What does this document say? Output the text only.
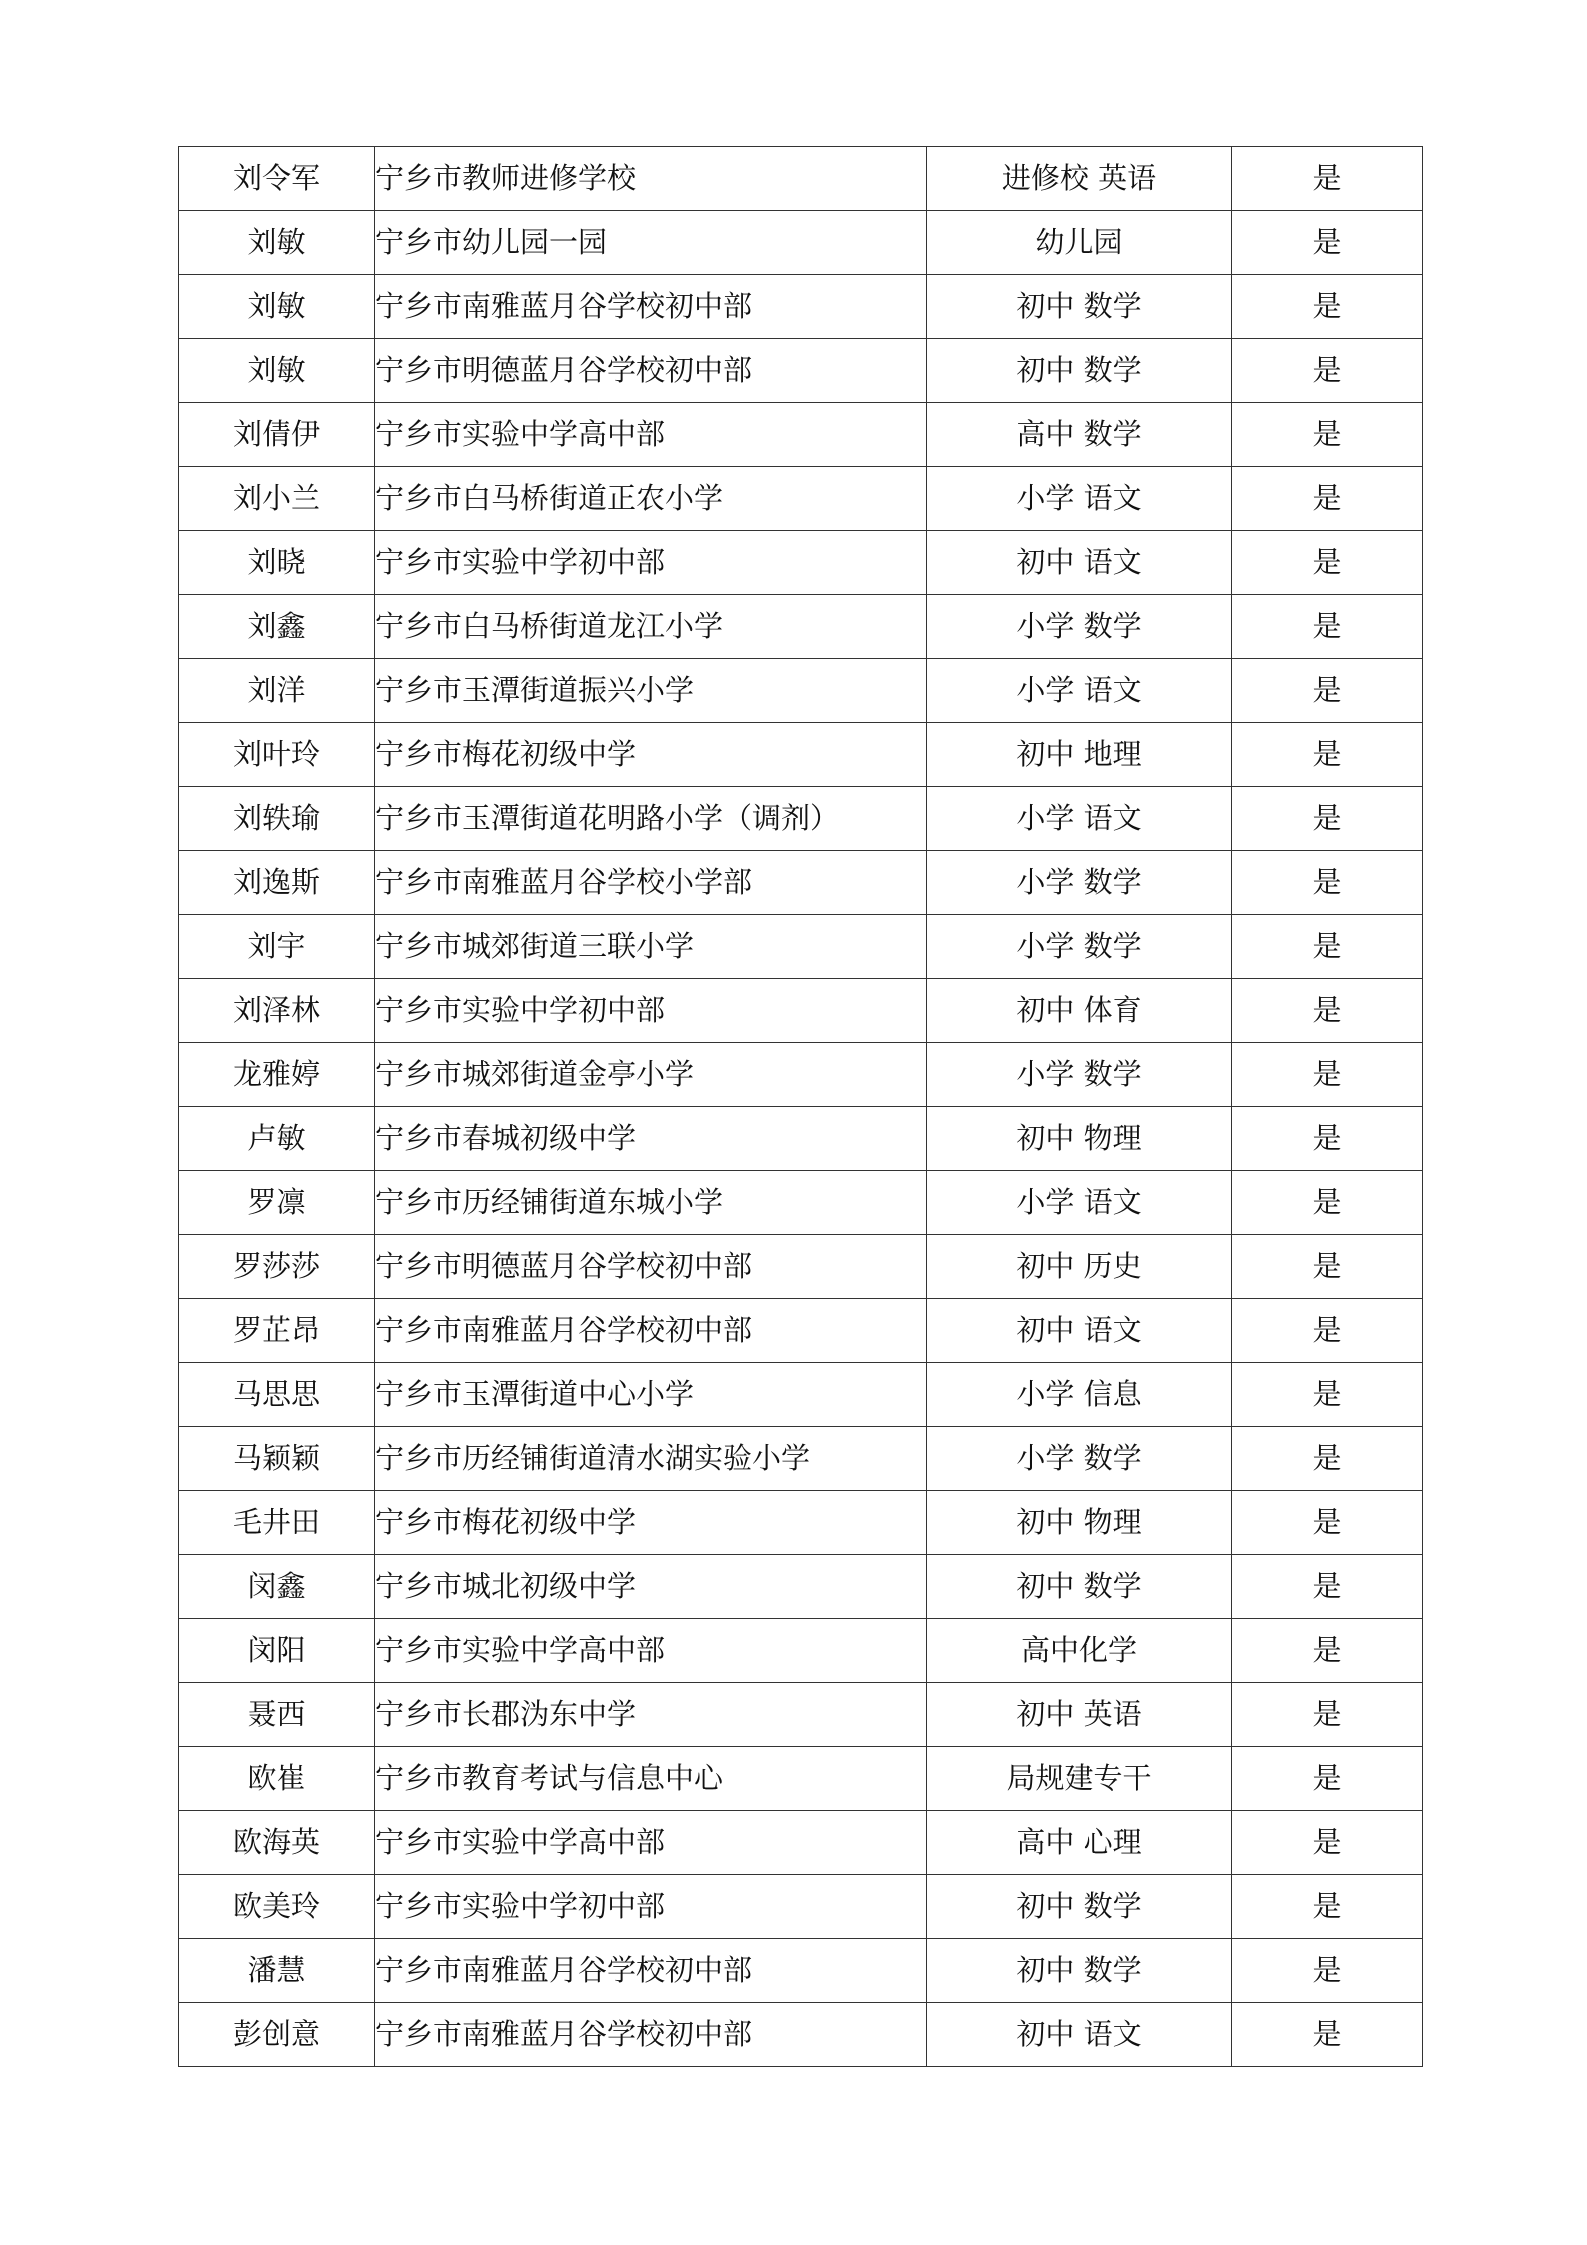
刘令军	宁乡市教师进修学校	进修校 英语	是
刘敏	宁乡市幼儿园一园	幼儿园	是
刘敏	宁乡市南雅蓝月谷学校初中部	初中 数学	是
刘敏	宁乡市明德蓝月谷学校初中部	初中 数学	是
刘倩伊	宁乡市实验中学高中部	高中 数学	是
刘小兰	宁乡市白马桥街道正农小学	小学 语文	是
刘晓	宁乡市实验中学初中部	初中 语文	是
刘鑫	宁乡市白马桥街道龙江小学	小学 数学	是
刘洋	宁乡市玉潭街道振兴小学	小学 语文	是
刘叶玲	宁乡市梅花初级中学	初中 地理	是
刘轶瑜	宁乡市玉潭街道花明路小学（调剂）	小学 语文	是
刘逸斯	宁乡市南雅蓝月谷学校小学部	小学 数学	是
刘宇	宁乡市城郊街道三联小学	小学 数学	是
刘泽林	宁乡市实验中学初中部	初中 体育	是
龙雅婷	宁乡市城郊街道金亭小学	小学 数学	是
卢敏	宁乡市春城初级中学	初中 物理	是
罗凛	宁乡市历经铺街道东城小学	小学 语文	是
罗莎莎	宁乡市明德蓝月谷学校初中部	初中 历史	是
罗芷昂	宁乡市南雅蓝月谷学校初中部	初中 语文	是
马思思	宁乡市玉潭街道中心小学	小学 信息	是
马颖颖	宁乡市历经铺街道清水湖实验小学	小学 数学	是
毛井田	宁乡市梅花初级中学	初中 物理	是
闵鑫	宁乡市城北初级中学	初中 数学	是
闵阳	宁乡市实验中学高中部	高中化学	是
聂西	宁乡市长郡沩东中学	初中 英语	是
欧崔	宁乡市教育考试与信息中心	局规建专干	是
欧海英	宁乡市实验中学高中部	高中 心理	是
欧美玲	宁乡市实验中学初中部	初中 数学	是
潘慧	宁乡市南雅蓝月谷学校初中部	初中 数学	是
彭创意	宁乡市南雅蓝月谷学校初中部	初中 语文	是
